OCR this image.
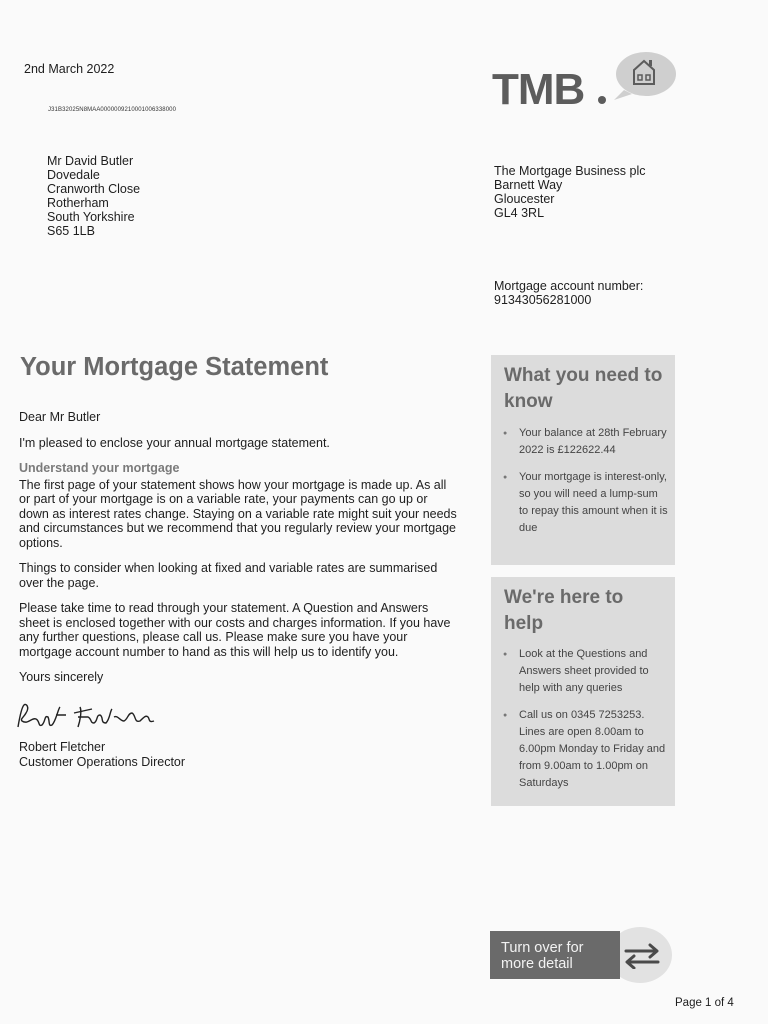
2nd March 2022
J31B32025N8MAA0000009210001006338000	TMB
Mr David Butler
Dovedale
Cranworth Close
Rotherham
South Yorkshire
S65 1LB
The Mortgage Business plc
Barnett Way
Gloucester
GL4 3RL
Mortgage account number:
91343056281000
Your Mortgage Statement

Dear Mr Butler

I'm pleased to enclose your annual mortgage statement.

Understand your mortgage

The first page of your statement shows how your mortgage is made up. As all or part of your mortgage is on a variable rate, your payments can go up or down as interest rates change. Staying on a variable rate might suit your needs and circumstances but we recommend that you regularly review your mortgage options.

Things to consider when looking at fixed and variable rates are summarised over the page.

Please take time to read through your statement. A Question and Answers sheet is enclosed together with our costs and charges information. If you have any further questions, please call us. Please make sure you have your mortgage account number to hand as this will help us to identify you.

Yours sincerely

Robert Fletcher
Customer Operations Director
What you need to know
● Your balance at 28th February 2022 is £122622.44
● Your mortgage is interest-only, so you will need a lump-sum to repay this amount when it is due
We're here to help
● Look at the Questions and Answers sheet provided to help with any queries
● Call us on 0345 7253253. Lines are open 8.00am to 6.00pm Monday to Friday and from 9.00am to 1.00pm on Saturdays
Turn over for more detail
Page 1 of 4
